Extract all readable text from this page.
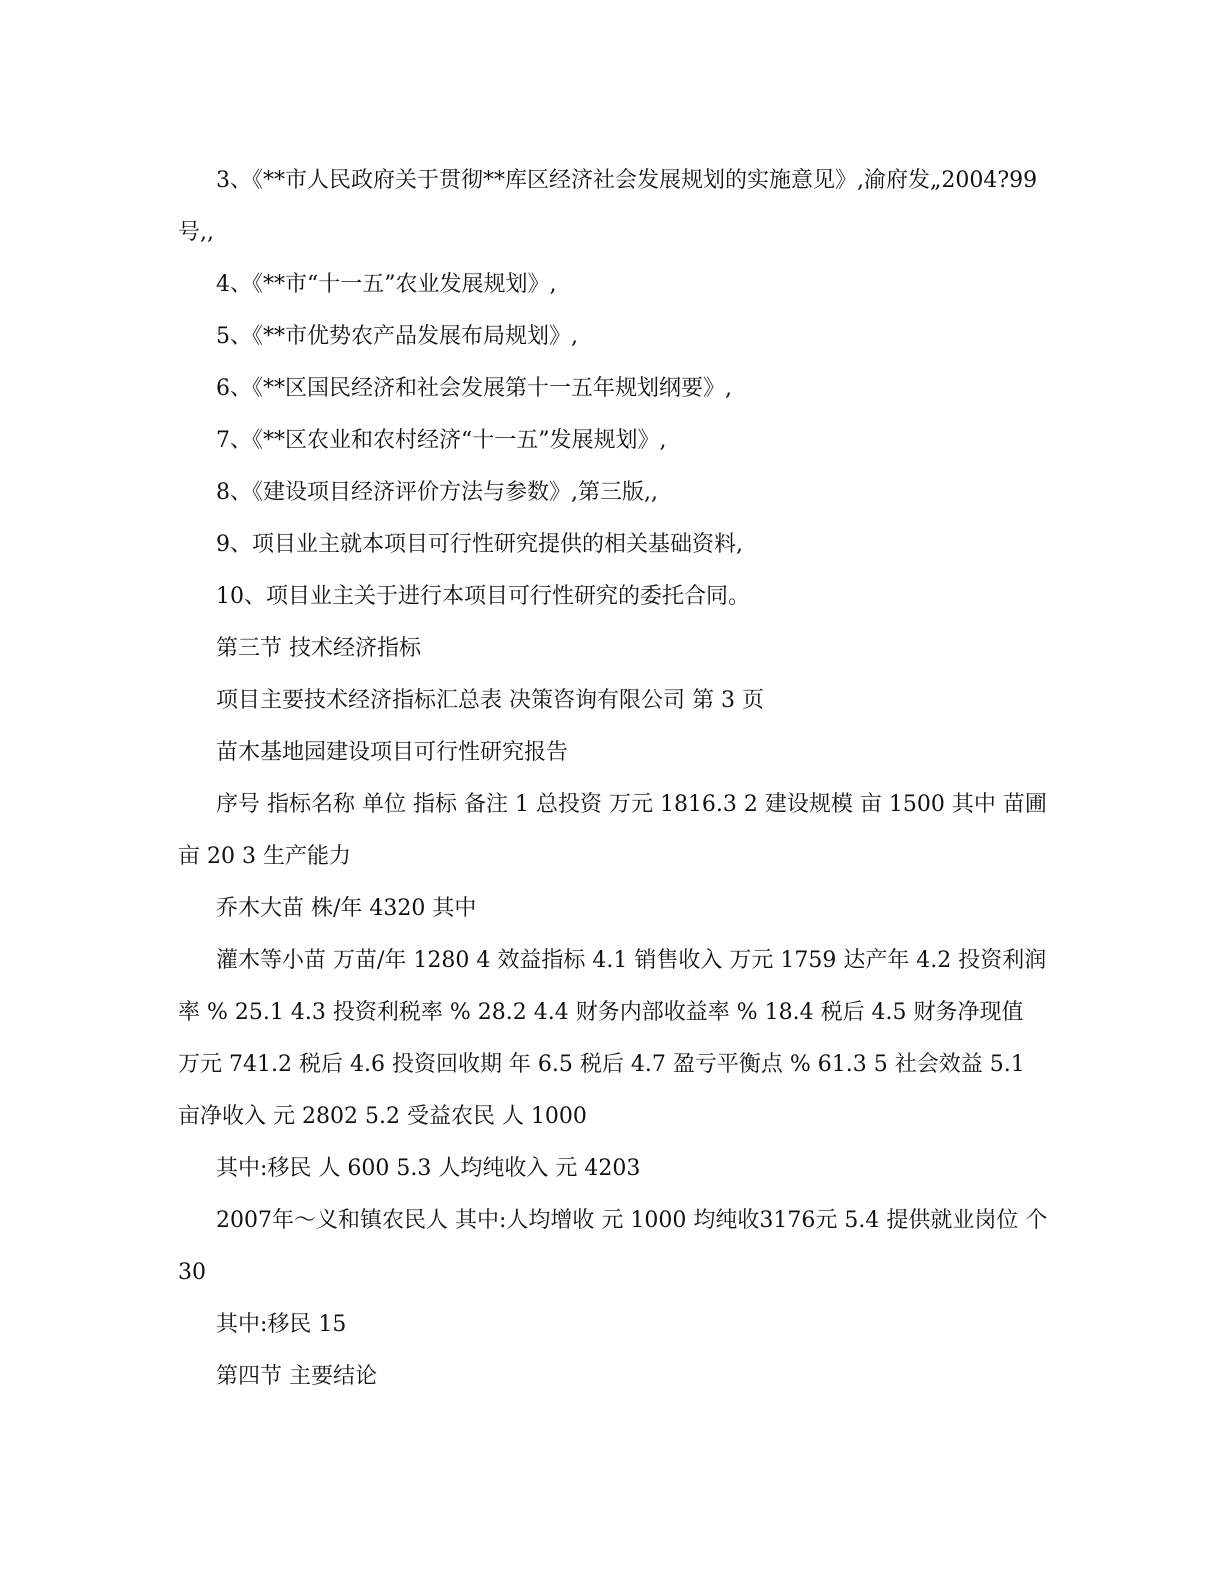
3、《**市人民政府关于贯彻**库区经济社会发展规划的实施意见》,渝府发„2004?99号,,

4、《**市“十一五”农业发展规划》,

5、《**市优势农产品发展布局规划》,

6、《**区国民经济和社会发展第十一五年规划纲要》,

7、《**区农业和农村经济“十一五”发展规划》,

8、《建设项目经济评价方法与参数》,第三版,,

9、项目业主就本项目可行性研究提供的相关基础资料,

10、项目业主关于进行本项目可行性研究的委托合同。

第三节 技术经济指标

项目主要技术经济指标汇总表 决策咨询有限公司 第 3 页

苗木基地园建设项目可行性研究报告

序号 指标名称 单位 指标 备注 1 总投资 万元 1816.3 2 建设规模 亩 1500 其中 苗圃 亩 20 3 生产能力

乔木大苗 株/年 4320 其中

灌木等小苗 万苗/年 1280 4 效益指标 4.1 销售收入 万元 1759 达产年 4.2 投资利润率 % 25.1 4.3 投资利税率 % 28.2 4.4 财务内部收益率 % 18.4 税后 4.5 财务净现值 万元 741.2 税后 4.6 投资回收期 年 6.5 税后 4.7 盈亏平衡点 % 61.3 5 社会效益 5.1 亩净收入 元 2802 5.2 受益农民 人 1000

其中:移民 人 600 5.3 人均纯收入 元 4203

2007年～义和镇农民人 其中:人均增收 元 1000 均纯收3176元 5.4 提供就业岗位 个 30

其中:移民 15

第四节 主要结论
